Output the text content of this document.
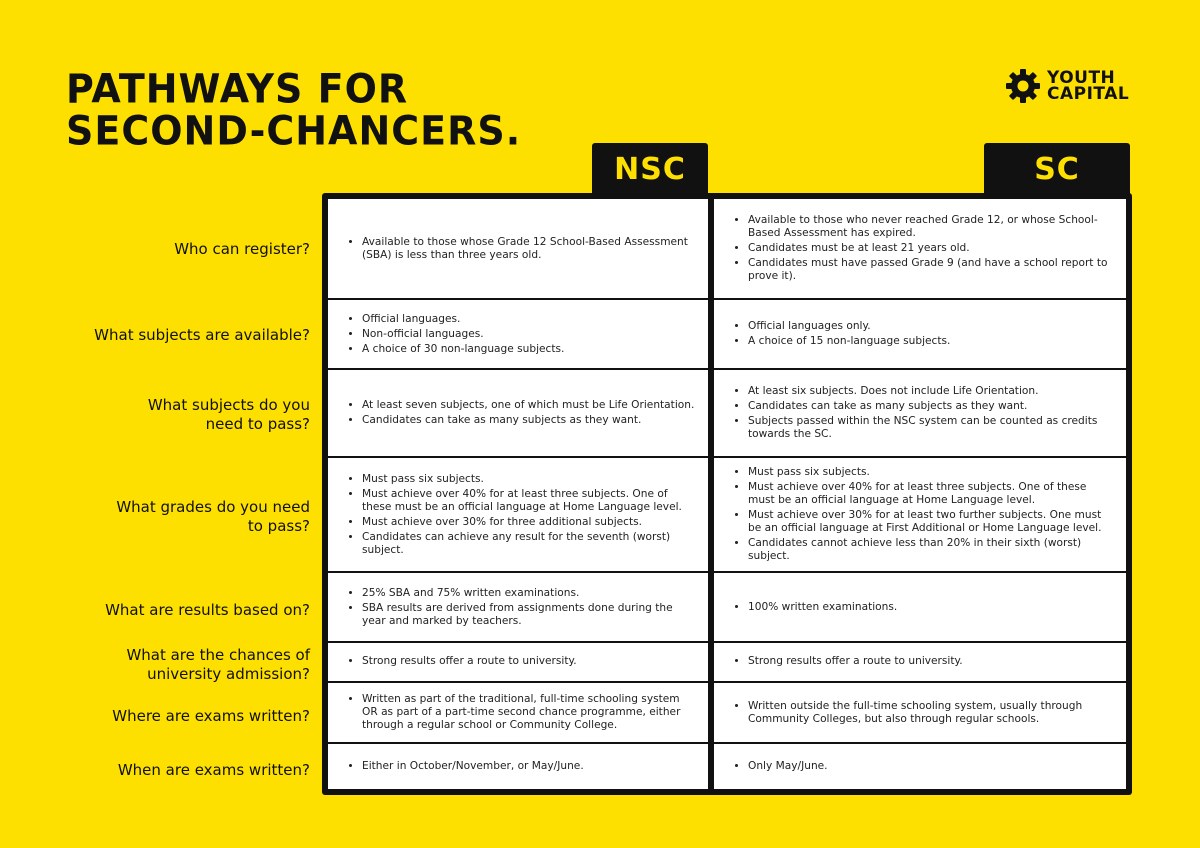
PATHWAYS FOR
SECOND-CHANCERS.
YOUTH
CAPITAL
NSC	SC
Who can register?
What subjects are available?
What subjects do you need to pass?
What grades do you need to pass?
What are results based on?
What are the chances of university admission?
Where are exams written?
When are exams written?
• Available to those whose Grade 12 School-Based Assessment (SBA) is less than three years old.
• Official languages.
• Non-official languages.
• A choice of 30 non-language subjects.
• At least seven subjects, one of which must be Life Orientation.
• Candidates can take as many subjects as they want.
• Must pass six subjects.
• Must achieve over 40% for at least three subjects. One of these must be an official language at Home Language level.
• Must achieve over 30% for three additional subjects.
• Candidates can achieve any result for the seventh (worst) subject.
• 25% SBA and 75% written examinations.
• SBA results are derived from assignments done during the year and marked by teachers.
• Strong results offer a route to university.
• Written as part of the traditional, full-time schooling system OR as part of a part-time second chance programme, either through a regular school or Community College.
• Either in October/November, or May/June.
• Available to those who never reached Grade 12, or whose School-Based Assessment has expired.
• Candidates must be at least 21 years old.
• Candidates must have passed Grade 9 (and have a school report to prove it).
• Official languages only.
• A choice of 15 non-language subjects.
• At least six subjects. Does not include Life Orientation.
• Candidates can take as many subjects as they want.
• Subjects passed within the NSC system can be counted as credits towards the SC.
• Must pass six subjects.
• Must achieve over 40% for at least three subjects. One of these must be an official language at Home Language level.
• Must achieve over 30% for at least two further subjects. One must be an official language at First Additional or Home Language level.
• Candidates cannot achieve less than 20% in their sixth (worst) subject.
• 100% written examinations.
• Strong results offer a route to university.
• Written outside the full-time schooling system, usually through Community Colleges, but also through regular schools.
• Only May/June.
